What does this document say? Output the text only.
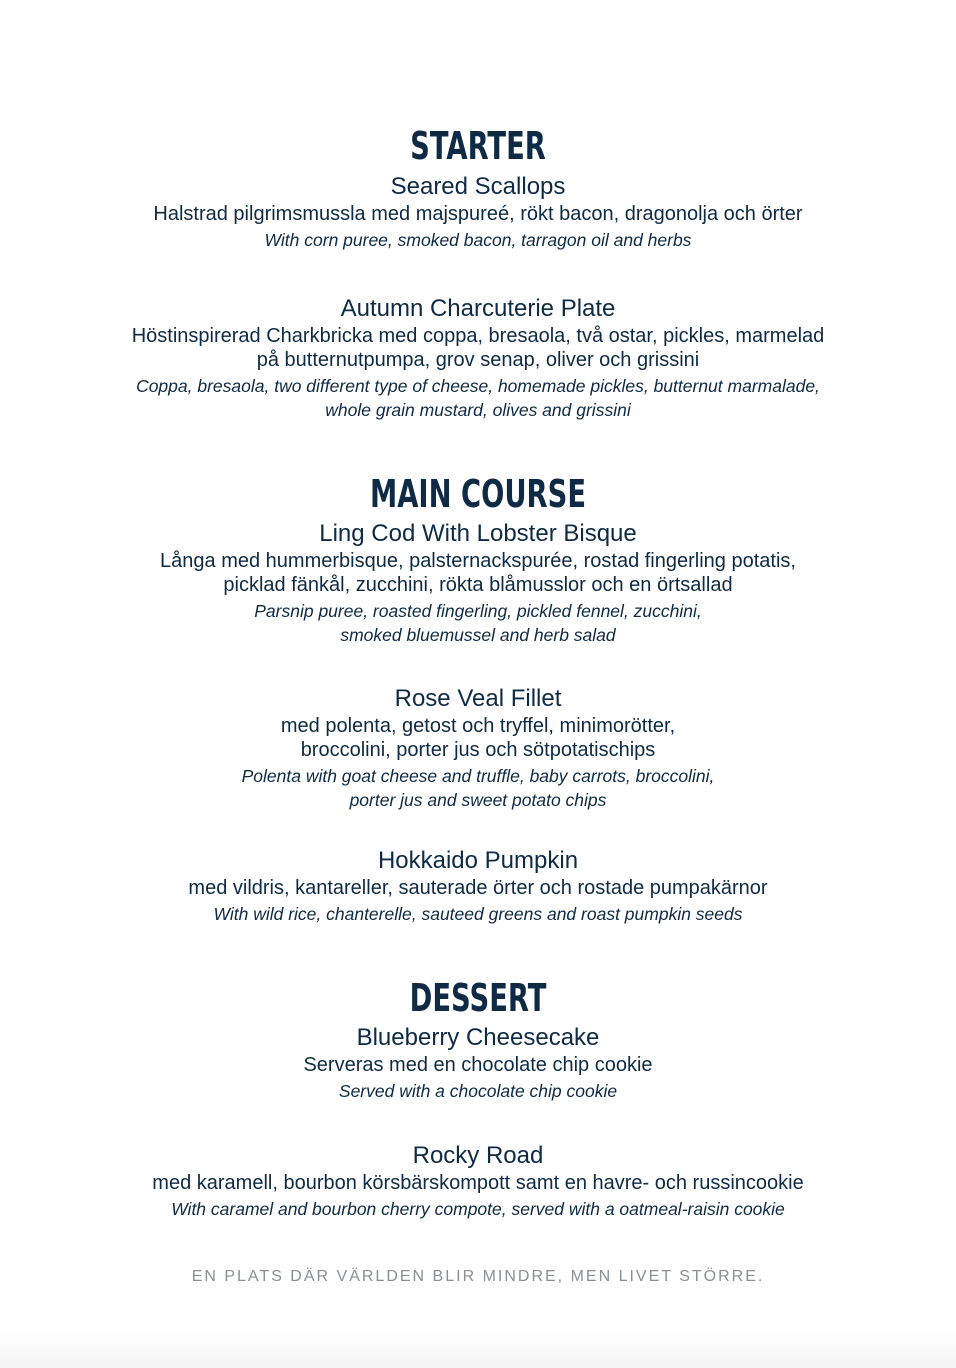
STARTER
Seared Scallops
Halstrad pilgrimsmussla med majspureé, rökt bacon, dragonolja och örter
With corn puree, smoked bacon, tarragon oil and herbs
Autumn Charcuterie Plate
Höstinspirerad Charkbricka med coppa, bresaola, två ostar, pickles, marmelad
på butternutpumpa, grov senap, oliver och grissini
Coppa, bresaola, two different type of cheese, homemade pickles, butternut marmalade,
whole grain mustard, olives and grissini
MAIN COURSE
Ling Cod With Lobster Bisque
Långa med hummerbisque, palsternackspurée, rostad fingerling potatis,
picklad fänkål, zucchini, rökta blåmusslor och en örtsallad
Parsnip puree, roasted fingerling, pickled fennel, zucchini,
smoked bluemussel and herb salad
Rose Veal Fillet
med polenta, getost och tryffel, minimorötter,
broccolini, porter jus och sötpotatischips
Polenta with goat cheese and truffle, baby carrots, broccolini,
porter jus and sweet potato chips
Hokkaido Pumpkin
med vildris, kantareller, sauterade örter och rostade pumpakärnor
With wild rice, chanterelle, sauteed greens and roast pumpkin seeds
DESSERT
Blueberry Cheesecake
Serveras med en chocolate chip cookie
Served with a chocolate chip cookie
Rocky Road
med karamell, bourbon körsbärskompott samt en havre- och russincookie
With caramel and bourbon cherry compote, served with a oatmeal-raisin cookie
EN PLATS DÄR VÄRLDEN BLIR MINDRE, MEN LIVET STÖRRE.
